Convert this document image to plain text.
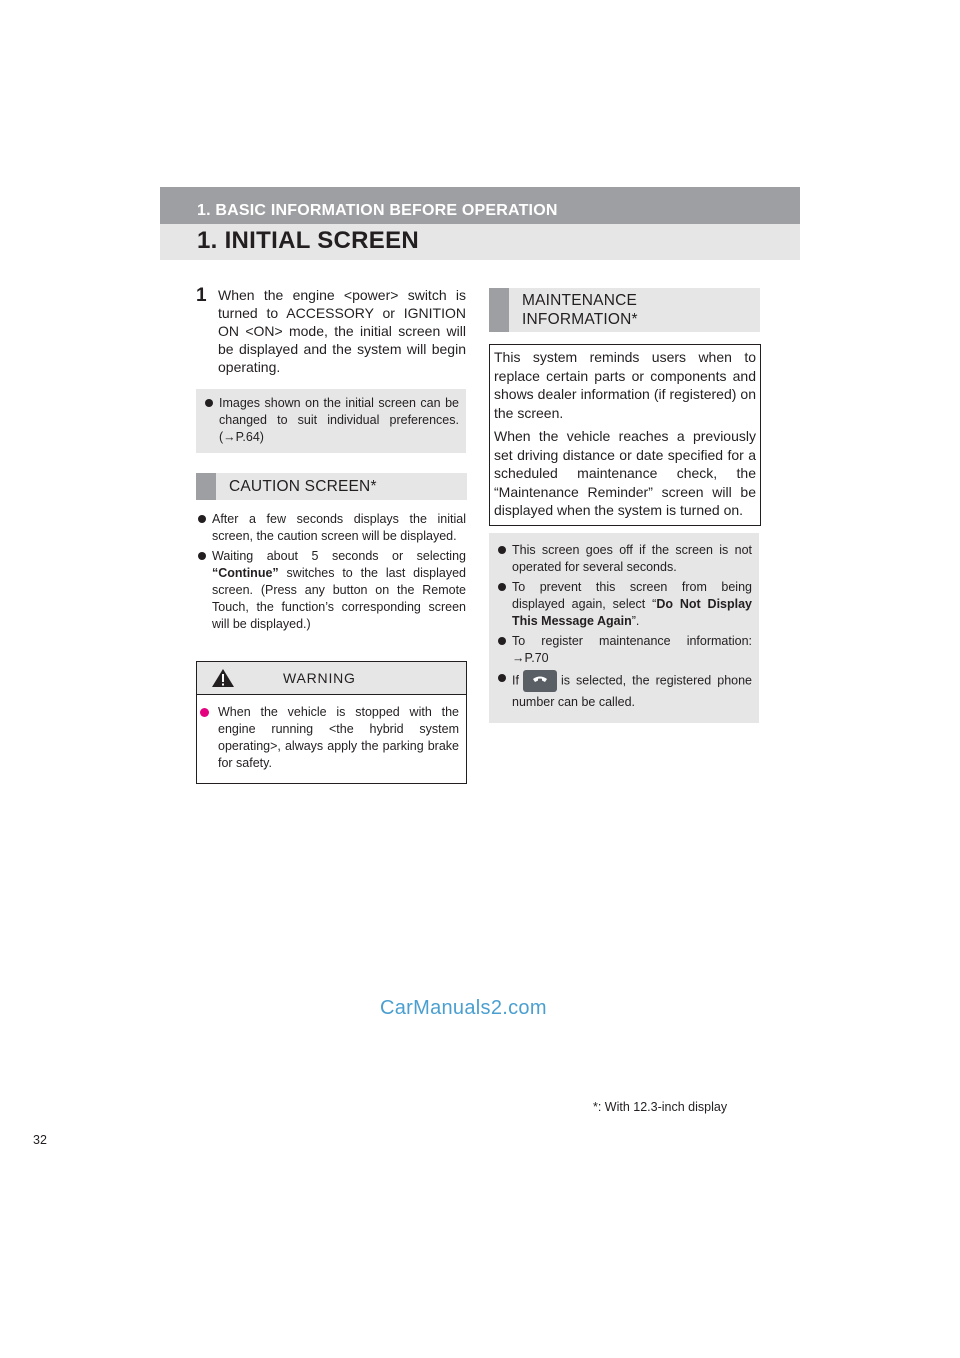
1. BASIC INFORMATION BEFORE OPERATION
1. INITIAL SCREEN
1 When the engine <power> switch is turned to ACCESSORY or IGNITION ON <ON> mode, the initial screen will be displayed and the system will begin operating.
Images shown on the initial screen can be changed to suit individual preferences. (→P.64)
CAUTION SCREEN*
After a few seconds displays the initial screen, the caution screen will be displayed.
Waiting about 5 seconds or selecting “Continue” switches to the last displayed screen. (Press any button on the Remote Touch, the function’s corresponding screen will be displayed.)
WARNING
When the vehicle is stopped with the engine running <the hybrid system operating>, always apply the parking brake for safety.
MAINTENANCE
INFORMATION*

This system reminds users when to replace certain parts or components and shows dealer information (if registered) on the screen.

When the vehicle reaches a previously set driving distance or date specified for a scheduled maintenance check, the “Maintenance Reminder” screen will be displayed when the system is turned on.

This screen goes off if the screen is not operated for several seconds.
To prevent this screen from being displayed again, select “Do Not Display This Message Again”.
To register maintenance information: →P.70
If	is selected, the registered phone number can be called.
CarManuals2.com
*: With 12.3-inch display
32
